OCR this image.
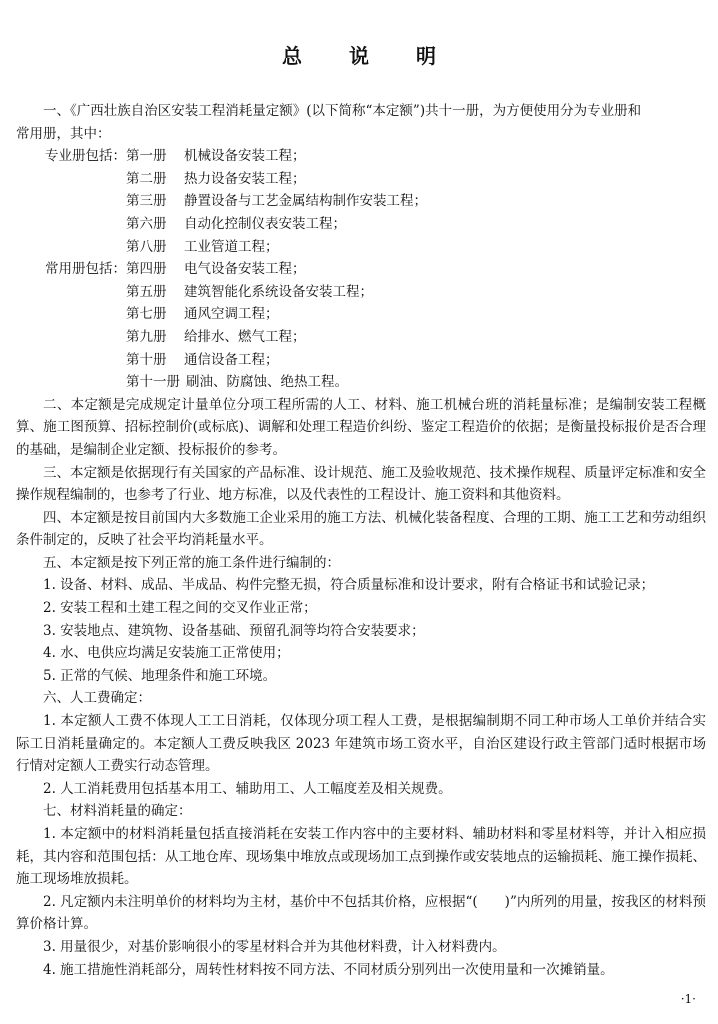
总 说 明

一、《广西壮族自治区安装工程消耗量定额》(以下简称“本定额”)共十一册，为方便使用分为专业册和

常用册，其中：

专业册包括： 第一册	机械设备安装工程；
第二册	热力设备安装工程；
第三册	静置设备与工艺金属结构制作安装工程；
第六册	自动化控制仪表安装工程；
第八册	工业管道工程；
常用册包括： 第四册	电气设备安装工程；
第五册	建筑智能化系统设备安装工程；
第七册	通风空调工程；
第九册	给排水、燃气工程；
第十册	通信设备工程；
第十一册 刷油、防腐蚀、绝热工程。

二、本定额是完成规定计量单位分项工程所需的人工、材料、施工机械台班的消耗量标准；是编制安装工程概算、施工图预算、招标控制价(或标底)、调解和处理工程造价纠纷、鉴定工程造价的依据；是衡量投标报价是否合理的基础，是编制企业定额、投标报价的参考。

三、本定额是依据现行有关国家的产品标准、设计规范、施工及验收规范、技术操作规程、质量评定标准和安全操作规程编制的，也参考了行业、地方标准，以及代表性的工程设计、施工资料和其他资料。

四、本定额是按目前国内大多数施工企业采用的施工方法、机械化装备程度、合理的工期、施工工艺和劳动组织条件制定的，反映了社会平均消耗量水平。

五、本定额是按下列正常的施工条件进行编制的：

1. 设备、材料、成品、半成品、构件完整无损，符合质量标准和设计要求，附有合格证书和试验记录；

2. 安装工程和土建工程之间的交叉作业正常；

3. 安装地点、建筑物、设备基础、预留孔洞等均符合安装要求；

4. 水、电供应均满足安装施工正常使用；

5. 正常的气候、地理条件和施工环境。

六、人工费确定：

1. 本定额人工费不体现人工工日消耗，仅体现分项工程人工费，是根据编制期不同工种市场人工单价并结合实际工日消耗量确定的。本定额人工费反映我区 2023 年建筑市场工资水平，自治区建设行政主管部门适时根据市场行情对定额人工费实行动态管理。

2. 人工消耗费用包括基本用工、辅助用工、人工幅度差及相关规费。

七、材料消耗量的确定：

1. 本定额中的材料消耗量包括直接消耗在安装工作内容中的主要材料、辅助材料和零星材料等，并计入相应损耗，其内容和范围包括：从工地仓库、现场集中堆放点或现场加工点到操作或安装地点的运输损耗、施工操作损耗、施工现场堆放损耗。

2. 凡定额内未注明单价的材料均为主材，基价中不包括其价格，应根据“(　　)”内所列的用量，按我区的材料预算价格计算。

3. 用量很少，对基价影响很小的零星材料合并为其他材料费，计入材料费内。

4. 施工措施性消耗部分，周转性材料按不同方法、不同材质分别列出一次使用量和一次摊销量。

·1·
